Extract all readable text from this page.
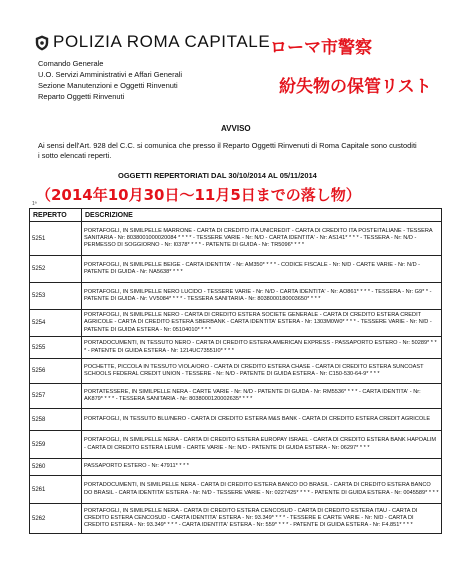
POLIZIA ROMA CAPITALE ローマ市警察
紛失物の保管リスト
Comando Generale
U.O. Servizi Amministrativi e Affari Generali
Sezione Manutenzioni e Oggetti Rinvenuti
Reparto Oggetti Rinvenuti
AVVISO
Ai sensi dell'Art. 928 del C.C. si comunica che presso il Reparto Oggetti Rinvenuti di Roma Capitale sono custoditi i sotto elencati reperti.
OGGETTI REPERTORIATI DAL 30/10/2014 AL 05/11/2014
（2014年10月30日～11月5日までの落し物）
1ª
REPERTO	DESCRIZIONE
5251	PORTAFOGLI, IN SIMILPELLE MARRONE - CARTA DI CREDITO ITA UNICREDIT - CARTA DI CREDITO ITA POSTEITALIANE - TESSERA SANITARIA - Nr: 8038001000020084 * * * * - TESSERE VARIE - Nr: N/D - CARTA IDENTITA' - Nr: AS141* * * * - TESSERA - Nr: N/D - PERMESSO DI SOGGIORNO - Nr: I0378* * * * - PATENTE DI GUIDA - Nr: TR5096* * * *
5252	PORTAFOGLI, IN SIMILPELLE BEIGE - CARTA IDENTITA' - Nr: AM350* * * * - CODICE FISCALE - Nr: N/D - CARTE VARIE - Nr: N/D - PATENTE DI GUIDA - Nr: NA5638* * * *
5253	PORTAFOGLI, IN SIMILPELLE NERO LUCIDO - TESSERE VARIE - Nr: N/D - CARTA IDENTITA' - Nr: AO861* * * * - TESSERA - Nr: G9* * - PATENTE DI GUIDA - Nr: VV5084* * * * - TESSERA SANITARIA - Nr: 8038000180003650* * * *
5254	PORTAFOGLI, IN SIMILPELLE NERO - CARTA DI CREDITO ESTERA SOCIETE GENERALE - CARTA DI CREDITO ESTERA CREDIT AGRICOLE - CARTA DI CREDITO ESTERA SBERBANK - CARTA IDENTITA' ESTERA - Nr: 1303M0W0* * * * - TESSERE VARIE - Nr: N/D - PATENTE DI GUIDA ESTERA - Nr: 05104010* * * *
5255	PORTADOCUMENTI, IN TESSUTO NERO - CARTA DI CREDITO ESTERA AMERICAN EXPRESS - PASSAPORTO ESTERO - Nr: 50289* * * * - PATENTE DI GUIDA ESTERA - Nr: 1214UC73551I0* * * *
5256	POCHETTE, PICCOLA IN TESSUTO VIOLA/ORO - CARTA DI CREDITO ESTERA CHASE - CARTA DI CREDITO ESTERA SUNCOAST SCHOOLS FEDERAL CREDIT UNION - TESSERE - Nr: N/D - PATENTE DI GUIDA ESTERA - Nr: C150-530-64-9* * * *
5257	PORTATESSERE, IN SIMILPELLE NERA - CARTE VARIE - Nr: N/D - PATENTE DI GUIDA - Nr: RM5536* * * * - CARTA IDENTITA' - Nr: AK879* * * * - TESSERA SANITARIA - Nr: 8038000120002635* * * *
5258	PORTAFOGLI, IN TESSUTO BLU/NERO - CARTA DI CREDITO ESTERA M&S BANK - CARTA DI CREDITO ESTERA CREDIT AGRICOLE
5259	PORTAFOGLI, IN SIMILPELLE NERA - CARTA DI CREDITO ESTERA EUROPAY ISRAEL - CARTA DI CREDITO ESTERA BANK HAPOALIM - CARTA DI CREDITO ESTERA LEUMI - CARTE VARIE - Nr: N/D - PATENTE DI GUIDA ESTERA - Nr: 06297* * * *
5260	PASSAPORTO ESTERO - Nr: 47911* * * *
5261	PORTADOCUMENTI, IN SIMILPELLE NERA - CARTA DI CREDITO ESTERA BANCO DO BRASIL - CARTA DI CREDITO ESTERA BANCO DO BRASIL - CARTA IDENTITA' ESTERA - Nr: N/D - TESSERE VARIE - Nr: 0227425* * * * - PATENTE DI GUIDA ESTERA - Nr: 0045589* * * *
5262	PORTAFOGLI, IN SIMILPELLE NERA - CARTA DI CREDITO ESTERA CENCOSUD - CARTA DI CREDITO ESTERA ITAU - CARTA DI CREDITO ESTERA CENCOSUD - CARTA IDENTITA' ESTERA - Nr: 93.349* * * * - TESSERE E CARTE VARIE - Nr: N/D - CARTA DI CREDITO ESTERA - Nr: 93.349* * * * - CARTA IDENTITA' ESTERA - Nr: 559* * * * - PATENTE DI GUIDA ESTERA - Nr: F4.851* * * *
